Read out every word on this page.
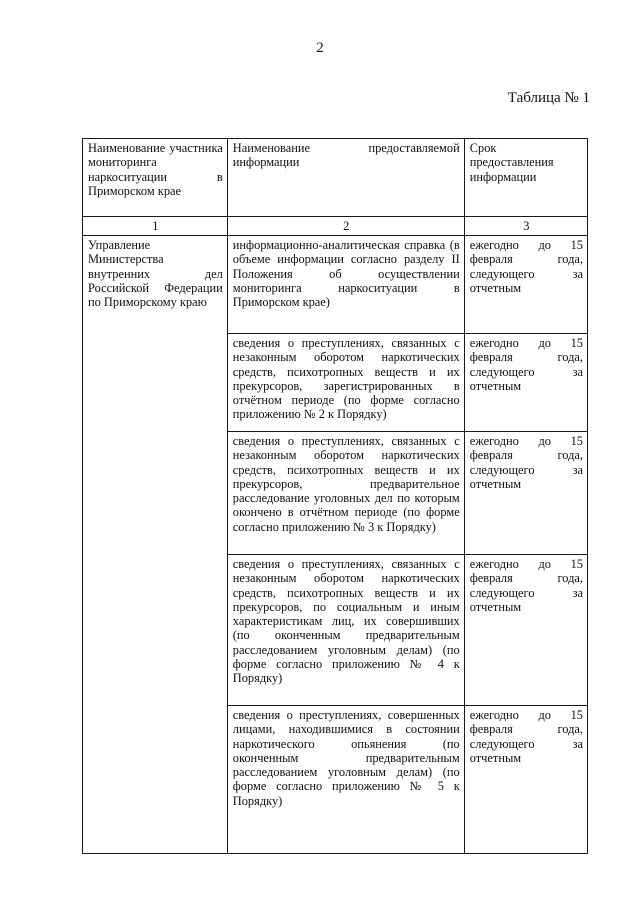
2
Таблица № 1
Наименование участника мониторинга наркоситуации в Приморском крае	Наименование предоставляемой информации	Срок предоставления информации
1	2	3
Управление Министерства внутренних дел Российской Федерации по Приморскому краю	информационно-аналитическая справка (в объеме информации согласно разделу II Положения об осуществлении мониторинга наркоситуации в Приморском крае)	ежегодно до 15 февраля года, следующего за отчетным
	сведения о преступлениях, связанных с незаконным оборотом наркотических средств, психотропных веществ и их прекурсоров, зарегистрированных в отчётном периоде (по форме согласно приложению № 2 к Порядку)	ежегодно до 15 февраля года, следующего за отчетным
	сведения о преступлениях, связанных с незаконным оборотом наркотических средств, психотропных веществ и их прекурсоров, предварительное расследование уголовных дел по которым окончено в отчётном периоде (по форме согласно приложению № 3 к Порядку)	ежегодно до 15 февраля года, следующего за отчетным
	сведения о преступлениях, связанных с незаконным оборотом наркотических средств, психотропных веществ и их прекурсоров, по социальным и иным характеристикам лиц, их совершивших (по оконченным предварительным расследованием уголовным делам) (по форме согласно приложению № 4 к Порядку)	ежегодно до 15 февраля года, следующего за отчетным
	сведения о преступлениях, совершенных лицами, находившимися в состоянии наркотического опьянения (по оконченным предварительным расследованием уголовным делам) (по форме согласно приложению № 5 к Порядку)	ежегодно до 15 февраля года, следующего за отчетным
